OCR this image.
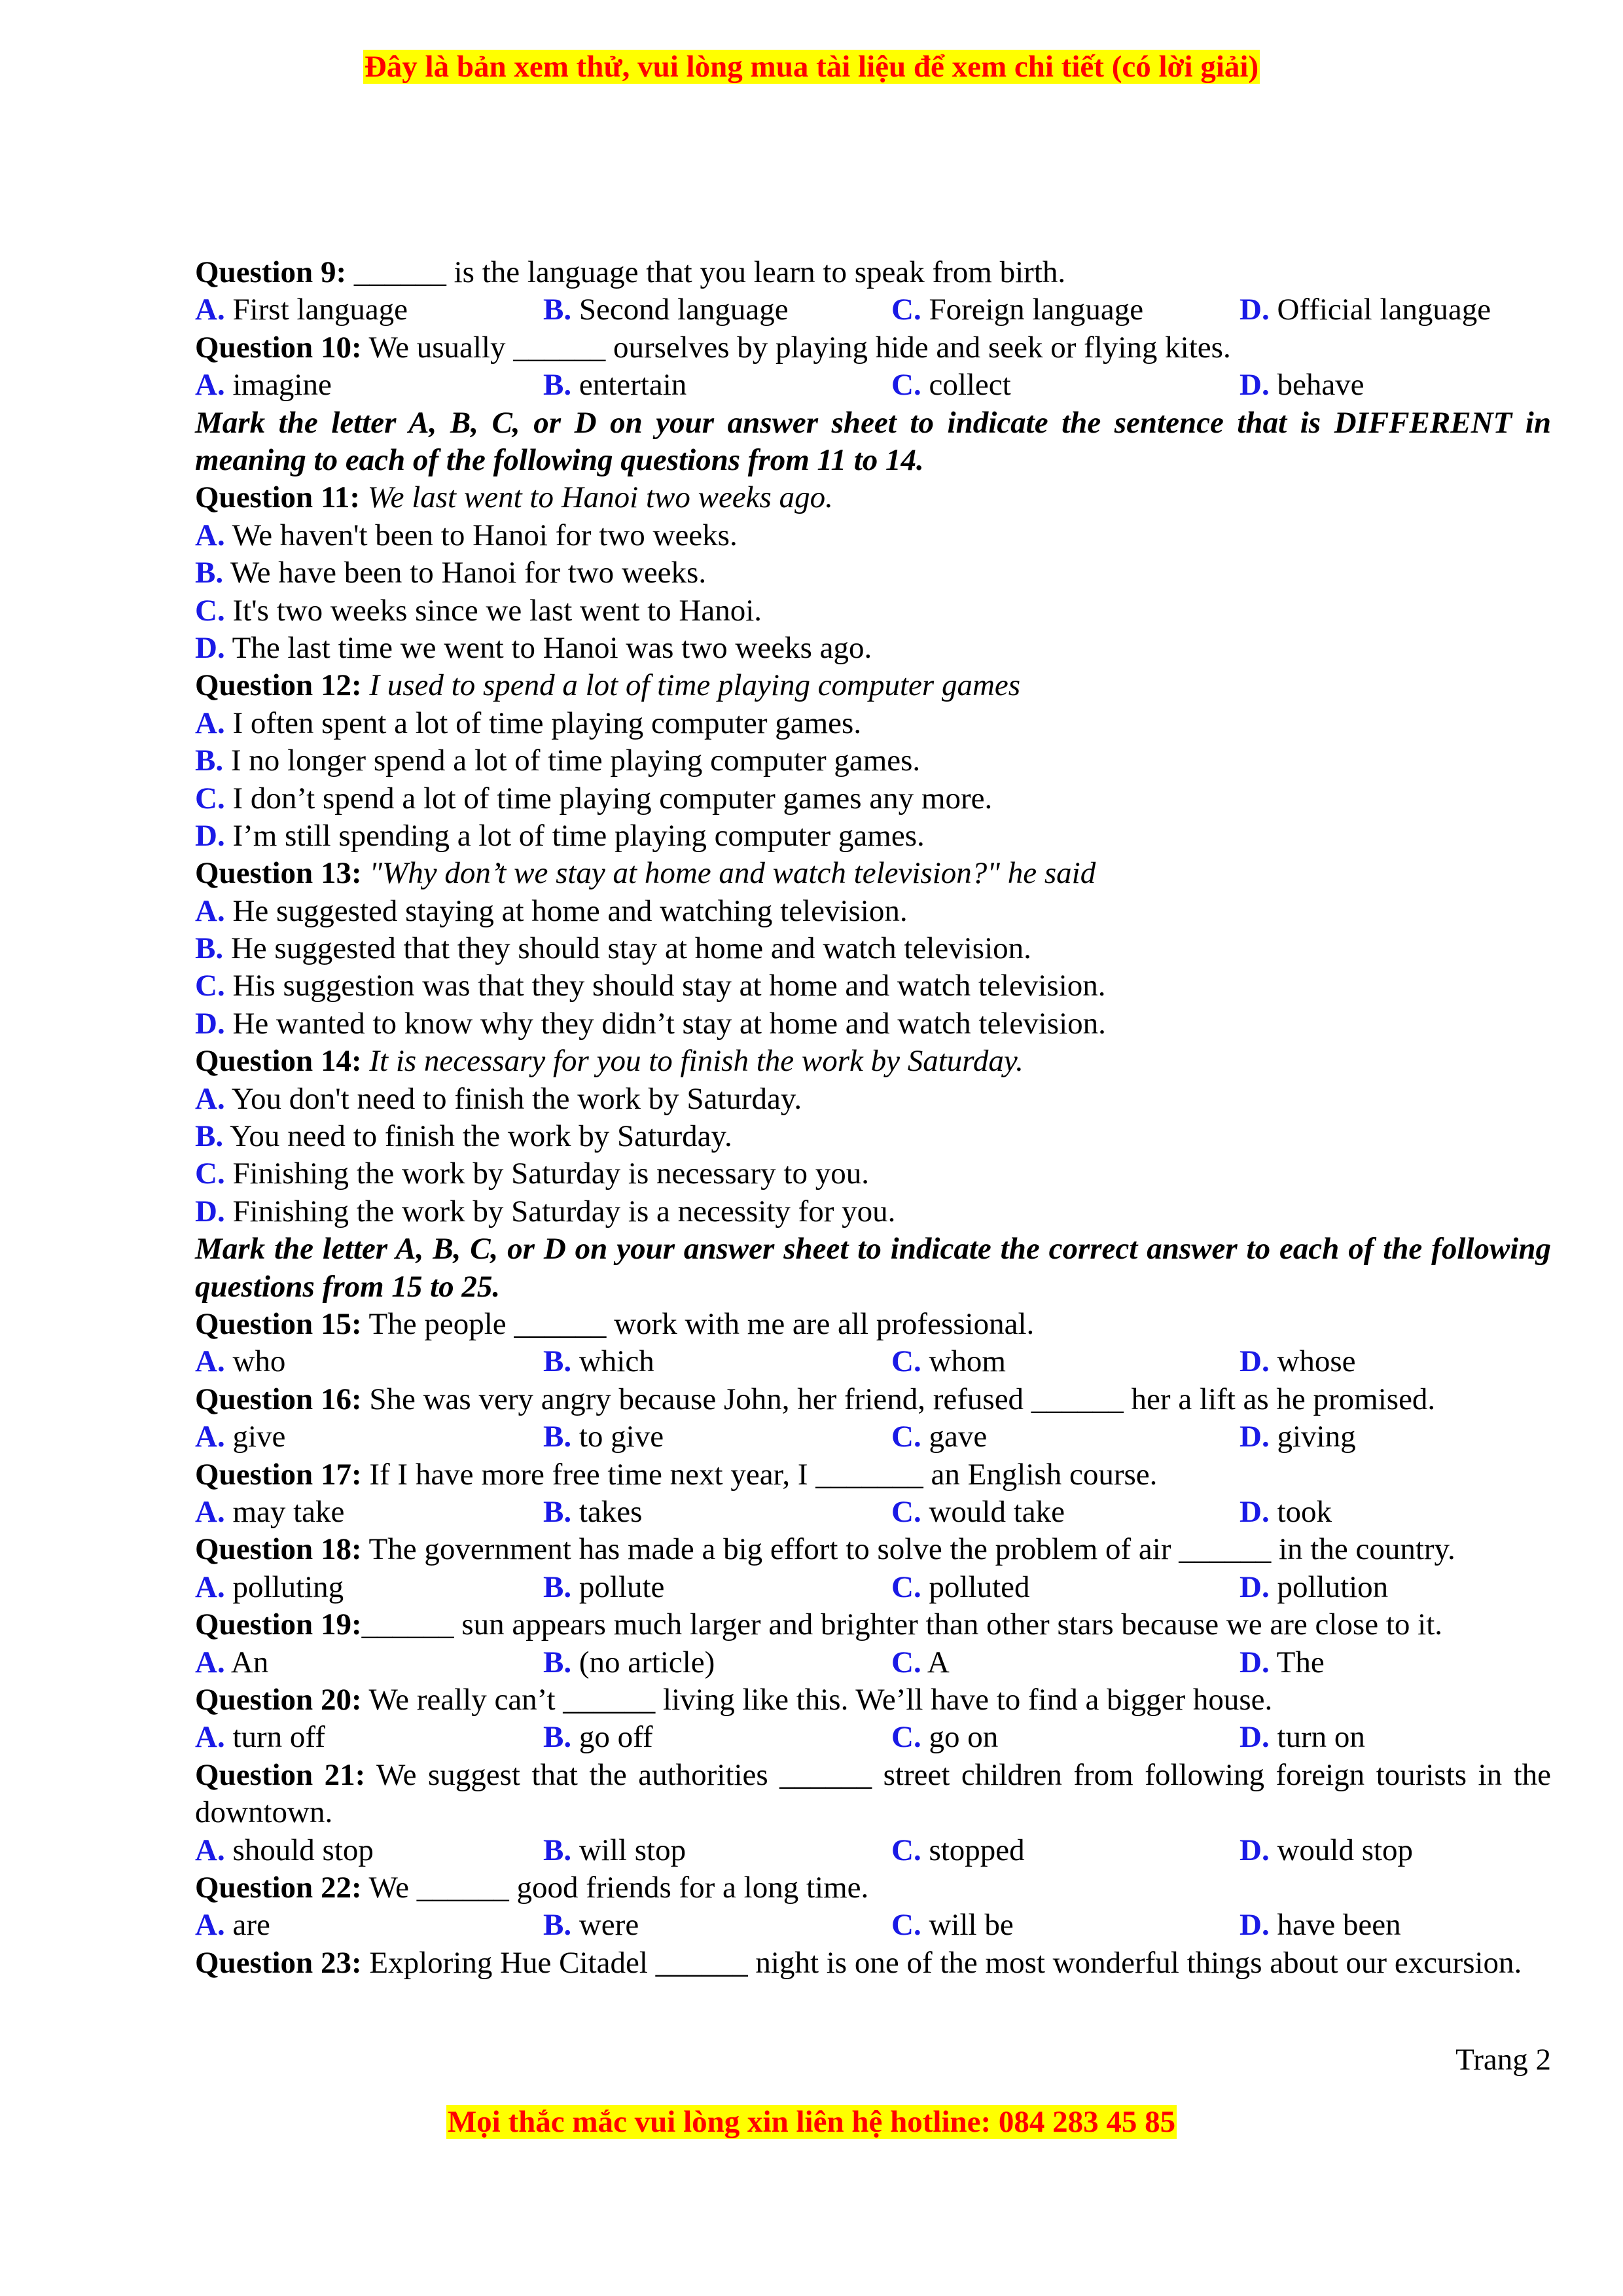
Đây là bản xem thử, vui lòng mua tài liệu để xem chi tiết (có lời giải)
Question 9: ______ is the language that you learn to speak from birth.
A. First language	B. Second language	C. Foreign language	D. Official language
Question 10: We usually ______ ourselves by playing hide and seek or flying kites.
A. imagine	B. entertain	C. collect	D. behave
Mark the letter A, B, C, or D on your answer sheet to indicate the sentence that is DIFFERENT in meaning to each of the following questions from 11 to 14.
Question 11: We last went to Hanoi two weeks ago.
A. We haven't been to Hanoi for two weeks.
B. We have been to Hanoi for two weeks.
C. It's two weeks since we last went to Hanoi.
D. The last time we went to Hanoi was two weeks ago.
Question 12: I used to spend a lot of time playing computer games
A. I often spent a lot of time playing computer games.
B. I no longer spend a lot of time playing computer games.
C. I don’t spend a lot of time playing computer games any more.
D. I’m still spending a lot of time playing computer games.
Question 13: "Why don’t we stay at home and watch television?" he said
A. He suggested staying at home and watching television.
B. He suggested that they should stay at home and watch television.
C. His suggestion was that they should stay at home and watch television.
D. He wanted to know why they didn’t stay at home and watch television.
Question 14: It is necessary for you to finish the work by Saturday.
A. You don't need to finish the work by Saturday.
B. You need to finish the work by Saturday.
C. Finishing the work by Saturday is necessary to you.
D. Finishing the work by Saturday is a necessity for you.
Mark the letter A, B, C, or D on your answer sheet to indicate the correct answer to each of the following questions from 15 to 25.
Question 15: The people ______ work with me are all professional.
A. who	B. which	C. whom	D. whose
Question 16: She was very angry because John, her friend, refused ______ her a lift as he promised.
A. give	B. to give	C. gave	D. giving
Question 17: If I have more free time next year, I _______ an English course.
A. may take	B. takes	C. would take	D. took
Question 18: The government has made a big effort to solve the problem of air ______ in the country.
A. polluting	B. pollute	C. polluted	D. pollution
Question 19:______ sun appears much larger and brighter than other stars because we are close to it.
A. An	B. (no article)	C. A	D. The
Question 20: We really can’t ______ living like this. We’ll have to find a bigger house.
A. turn off	B. go off	C. go on	D. turn on
Question 21: We suggest that the authorities ______ street children from following foreign tourists in the downtown.
A. should stop	B. will stop	C. stopped	D. would stop
Question 22: We ______ good friends for a long time.
A. are	B. were	C. will be	D. have been
Question 23: Exploring Hue Citadel ______ night is one of the most wonderful things about our excursion.
Trang 2
Mọi thắc mắc vui lòng xin liên hệ hotline: 084 283 45 85
